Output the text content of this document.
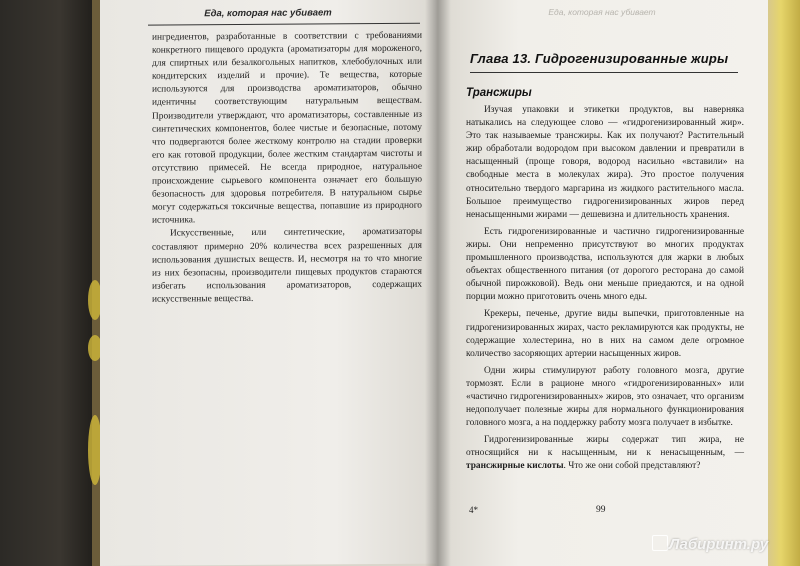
Еда, которая нас убивает

ингредиентов, разработанные в соответствии с требованиями конкретного пищевого продукта (ароматизаторы для мороженого, для спиртных или безалкогольных напитков, хлебобулочных или кондитерских изделий и прочие). Те вещества, которые используются для производства ароматизаторов, обычно идентичны соответствующим натуральным веществам. Производители утверждают, что ароматизаторы, составленные из синтетических компонентов, более чистые и безопасные, потому что подвергаются более жесткому контролю на стадии проверки его как готовой продукции, более жестким стандартам чистоты и отсутствию примесей. Не всегда природное, натуральное происхождение сырьевого компонента означает его большую безопасность для здоровья потребителя. В натуральном сырье могут содержаться токсичные вещества, попавшие из природного источника.

Искусственные, или синтетические, ароматизаторы составляют примерно 20% количества всех разрешенных для использования душистых веществ. И, несмотря на то что многие из них безопасны, производители пищевых продуктов стараются избегать использования ароматизаторов, содержащих искусственные вещества.

Еда, которая нас убивает
Глава 13. Гидрогенизированные жиры
Трансжиры

Изучая упаковки и этикетки продуктов, вы наверняка натыкались на следующее слово — «гидрогенизированный жир». Это так называемые трансжиры. Как их получают? Растительный жир обработали водородом при высоком давлении и превратили в насыщенный (проще говоря, водород насильно «вставили» на свободные места в молекулах жира). Это простое получения относительно твердого маргарина из жидкого растительного масла. Большое преимущество гидрогенизированных жиров перед ненасыщенными жирами — дешевизна и длительность хранения.

Есть гидрогенизированные и частично гидрогенизированные жиры. Они непременно присутствуют во многих продуктах промышленного производства, используются для жарки в любых объектах общественного питания (от дорогого ресторана до самой обычной пирожковой). Ведь они меньше приедаются, и на одной порции можно приготовить очень много еды.

Крекеры, печенье, другие виды выпечки, приготовленные на гидрогенизированных жирах, часто рекламируются как продукты, не содержащие холестерина, но в них на самом деле огромное количество засоряющих артерии насыщенных жиров.

Одни жиры стимулируют работу головного мозга, другие тормозят. Если в рационе много «гидрогенизированных» или «частично гидрогенизированных» жиров, это означает, что организм недополучает полезные жиры для нормального функционирования головного мозга, а на поддержку работу мозга получает в избытке.

Гидрогенизированные жиры содержат тип жира, не относящийся ни к насыщенным, ни к ненасыщенным, — трансжирные кислоты. Что же они собой представляют?

4*	99
Лабиринт.ру
